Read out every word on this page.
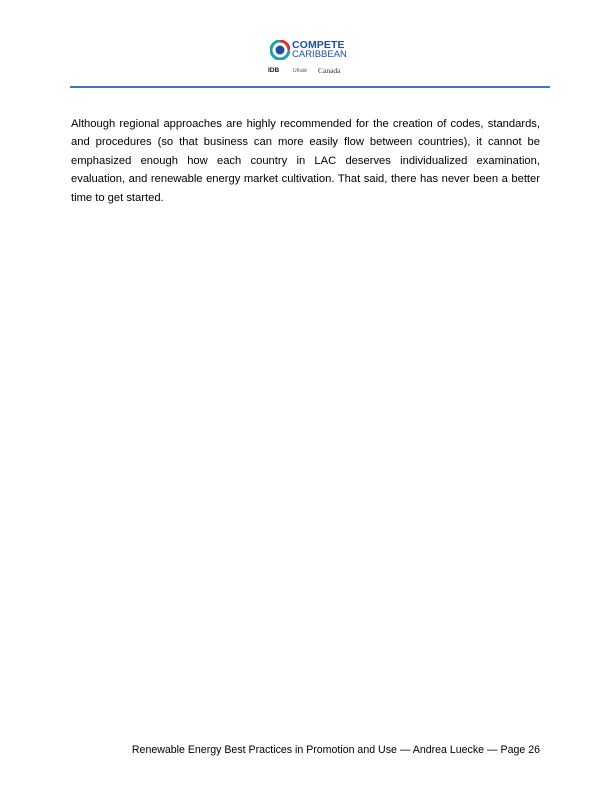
COMPETE
CARIBBEAN
IDB	UKaid Canada

Although regional approaches are highly recommended for the creation of codes, standards, and procedures (so that business can more easily flow between countries), it cannot be emphasized enough how each country in LAC deserves individualized examination, evaluation, and renewable energy market cultivation. That said, there has never been a better time to get started.

Renewable Energy Best Practices in Promotion and Use — Andrea Luecke — Page 26
